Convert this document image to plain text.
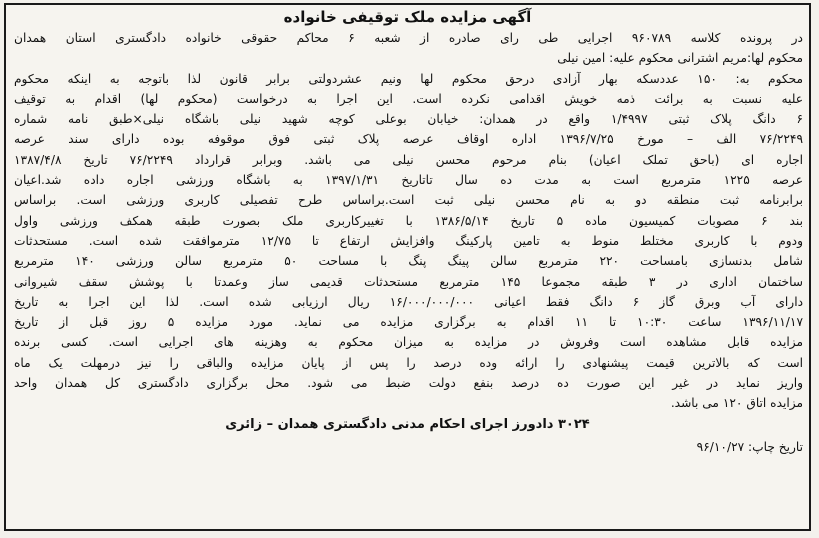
آگهی مزایده ملک توقیفی خانواده
در پرونده کلاسه ۹۶۰۷۸۹ اجرایی طی رای صادره از شعبه ۶ محاکم حقوقی خانواده دادگستری استان همدان
محکوم لها:مریم اشترانی محکوم علیه: امین نیلی
محکوم به: ۱۵۰ عددسکه بهار آزادی درحق محکوم لها ونیم عشردولتی برابر قانون لذا باتوجه به اینکه محکوم
علیه نسبت به برائت ذمه خویش اقدامی نکرده است. این اجرا به درخواست (محکوم لها) اقدام به توقیف
۶ دانگ پلاک ثبتی ۱/۴۹۹۷ واقع در همدان: خیابان بوعلی کوچه شهید نیلی باشگاه نیلی×طبق نامه شماره
۷۶/۲۲۴۹ الف – مورخ ۱۳۹۶/۷/۲۵ اداره اوقاف عرصه پلاک ثبتی فوق موقوفه بوده دارای سند عرصه
اجاره ای (باحق تملک اعیان) بنام مرحوم محسن نیلی می باشد. وبرابر قرارداد ۷۶/۲۲۴۹ تاریخ ۱۳۸۷/۴/۸
عرصه ۱۲۲۵ مترمربع است به مدت ده سال تاتاریخ ۱۳۹۷/۱/۳۱ به باشگاه ورزشی اجاره داده شد.اعیان
برابرنامه ثبت منطقه دو به نام محسن نیلی ثبت است.براساس طرح تفصیلی کاربری ورزشی است. براساس
بند ۶ مصوبات کمیسیون ماده ۵ تاریخ ۱۳۸۶/۵/۱۴ با تغییرکاربری ملک بصورت طبقه همکف ورزشی واول
ودوم با کاربری مختلط منوط به تامین پارکینگ وافزایش ارتفاع تا ۱۲/۷۵ مترموافقت شده است. مستحدثات
شامل بدنسازی بامساحت ۲۲۰ مترمربع سالن پینگ پنگ با مساحت ۵۰ مترمربع سالن ورزشی ۱۴۰ مترمربع
ساختمان اداری در ۳ طبقه مجموعا ۱۴۵ مترمربع مستحدثات قدیمی ساز وعمدتا با پوشش سقف شیروانی
دارای آب وبرق گاز ۶ دانگ فقط اعیانی ۱۶/۰۰۰/۰۰۰/۰۰۰ ریال ارزیابی شده است. لذا این اجرا به تاریخ
۱۳۹۶/۱۱/۱۷ ساعت ۱۰:۳۰ تا ۱۱ اقدام به برگزاری مزایده می نماید. مورد مزایده ۵ روز قبل از تاریخ
مزایده قابل مشاهده است وفروش در مزایده به میزان محکوم به وهزینه های اجرایی است. کسی برنده
است که بالاترین قیمت پیشنهادی را ارائه وده درصد را پس از پایان مزایده والباقی را نیز درمهلت یک ماه
واریز نماید در غیر این صورت ده درصد بنفع دولت ضبط می شود. محل برگزاری دادگستری کل همدان واحد
مزایده اتاق ۱۲۰ می باشد.
۳۰۲۴ دادورز اجرای احکام مدنی دادگستری همدان – زائری
تاریخ چاپ: ۹۶/۱۰/۲۷
